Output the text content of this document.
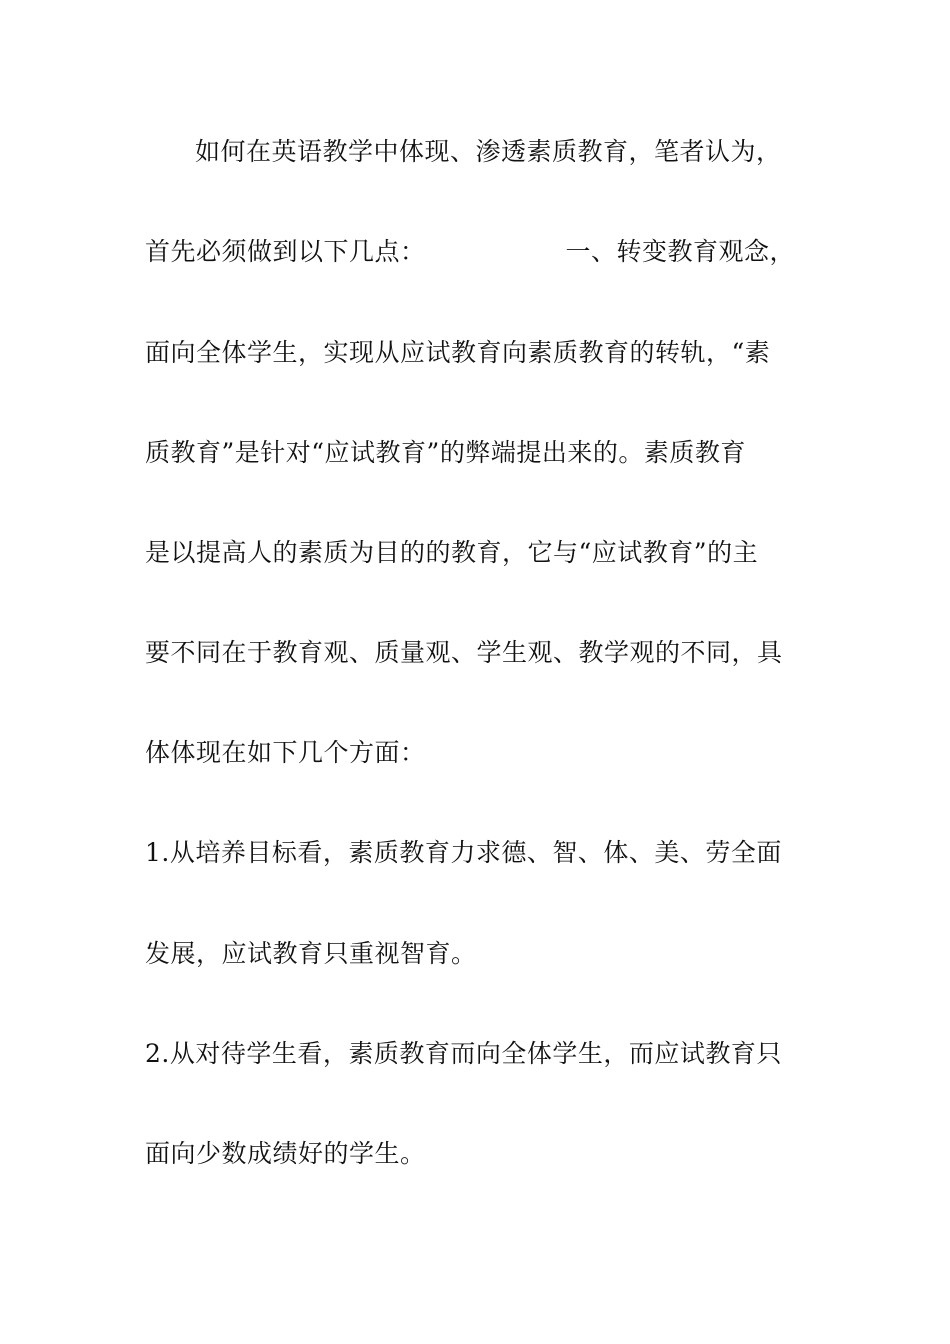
如何在英语教学中体现、渗透素质教育，笔者认为，

首先必须做到以下几点：	一、转变教育观念，

面向全体学生，实现从应试教育向素质教育的转轨，“素

质教育”是针对“应试教育”的弊端提出来的。素质教育

是以提高人的素质为目的的教育，它与“应试教育”的主

要不同在于教育观、质量观、学生观、教学观的不同，具

体体现在如下几个方面：

1.从培养目标看，素质教育力求德、智、体、美、劳全面

发展，应试教育只重视智育。

2.从对待学生看，素质教育而向全体学生，而应试教育只

面向少数成绩好的学生。
